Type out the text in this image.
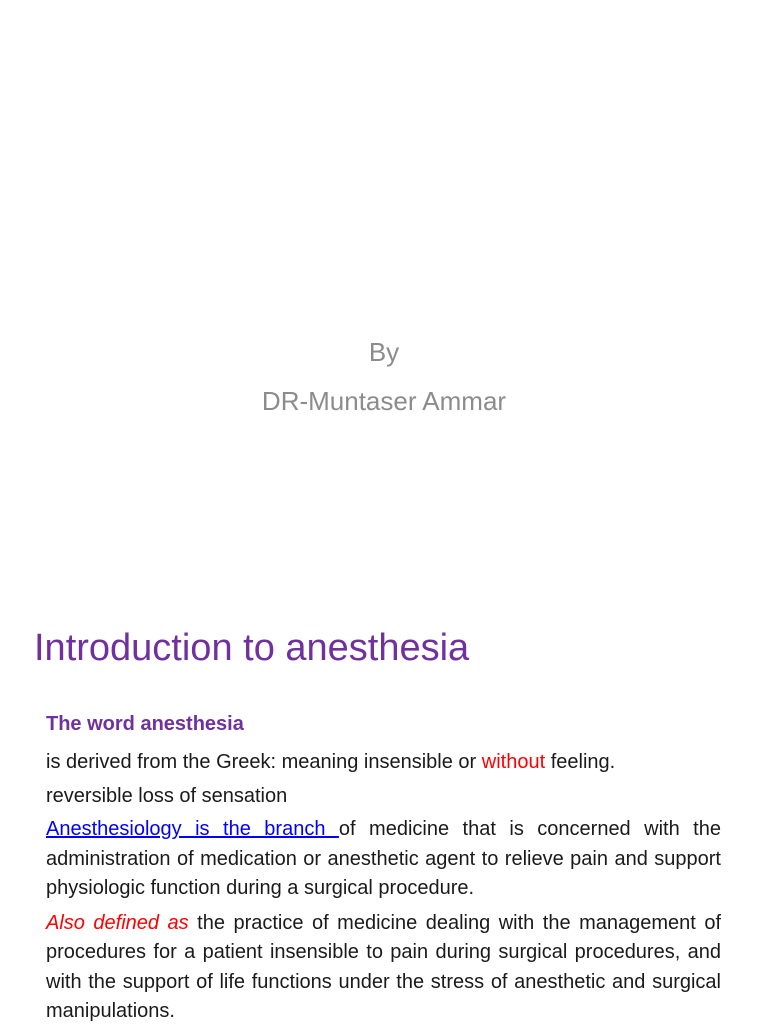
By
DR-Muntaser Ammar
Introduction to anesthesia

The word anesthesia

is derived from the Greek: meaning insensible or without feeling.

reversible loss of sensation

Anesthesiology is the branch of medicine that is concerned with the administration of medication or anesthetic agent to relieve pain and support physiologic function during a surgical procedure.

Also defined as the practice of medicine dealing with the management of procedures for a patient insensible to pain during surgical procedures, and with the support of life functions under the stress of anesthetic and surgical manipulations.
